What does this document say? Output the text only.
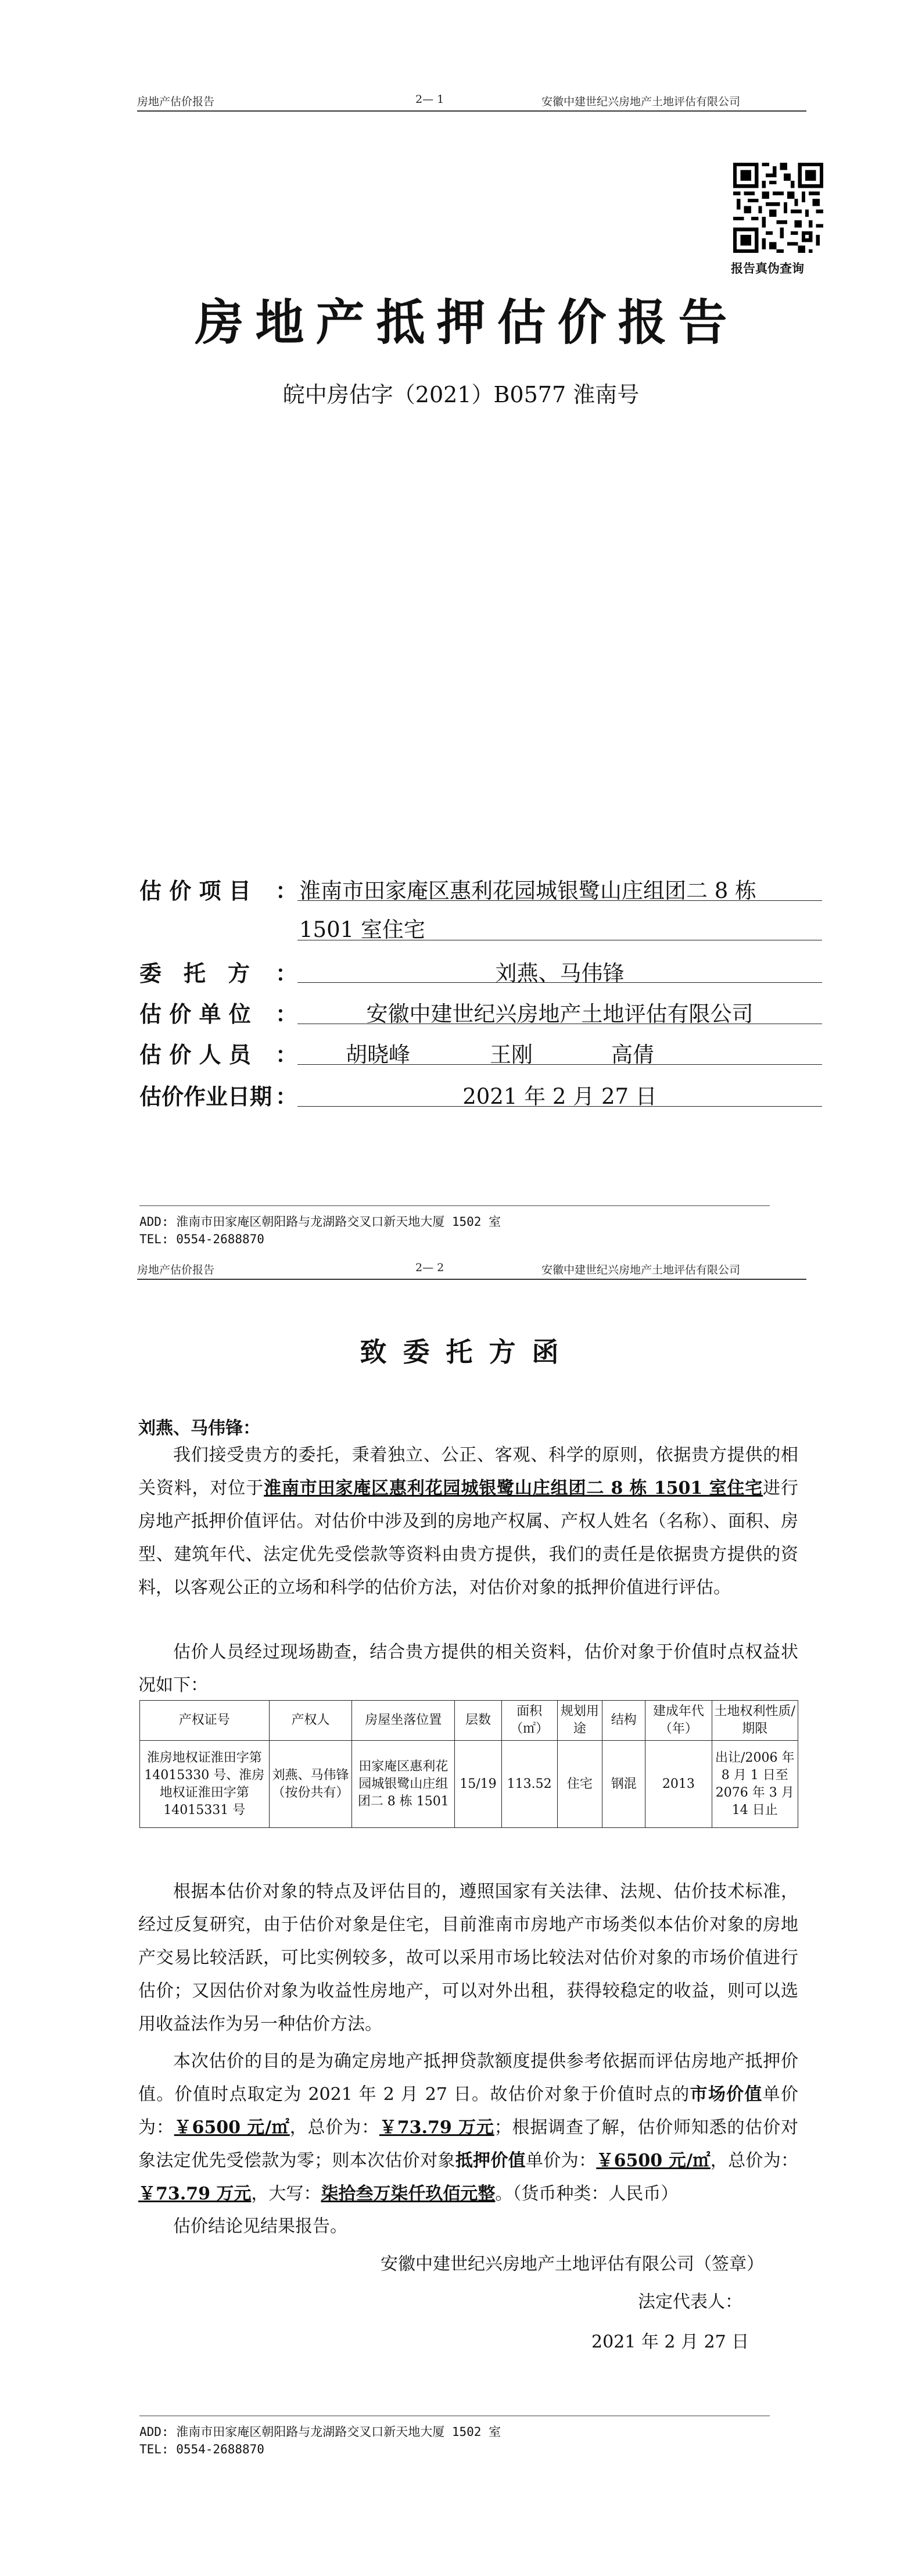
房地产估价报告	2— 1	安徽中建世纪兴房地产土地评估有限公司
报告真伪查询
房地产抵押估价报告
皖中房估字（2021）B0577 淮南号
估 价 项 目 ： 淮南市田家庵区惠利花园城银鹭山庄组团二 8 栋
1501 室住宅
委　托　方 ：	刘燕、马伟锋
估 价 单 位 ：	安徽中建世纪兴房地产土地评估有限公司
估 价 人 员 ： 胡晓峰	王刚	高倩
估价作业日期 ：	2021 年 2 月 27 日
ADD: 淮南市田家庵区朝阳路与龙湖路交叉口新天地大厦 1502 室
TEL: 0554-2688870
房地产估价报告	2— 2	安徽中建世纪兴房地产土地评估有限公司
致 委 托 方 函
刘燕、马伟锋：
我们接受贵方的委托，秉着独立、公正、客观、科学的原则，依据贵方提供的相关资料，对位于淮南市田家庵区惠利花园城银鹭山庄组团二 8 栋 1501 室住宅进行房地产抵押价值评估。对估价中涉及到的房地产权属、产权人姓名（名称）、面积、房型、建筑年代、法定优先受偿款等资料由贵方提供，我们的责任是依据贵方提供的资料，以客观公正的立场和科学的估价方法，对估价对象的抵押价值进行评估。
估价人员经过现场勘查，结合贵方提供的相关资料，估价对象于价值时点权益状况如下：
产权证号	产权人	房屋坐落位置	层数	面积（㎡）	规划用途	结构	建成年代（年）	土地权利性质/期限
淮房地权证淮田字第 14015330 号、淮房地权证淮田字第 14015331 号	刘燕、马伟锋（按份共有）	田家庵区惠利花园城银鹭山庄组团二 8 栋 1501	15/19	113.52	住宅	钢混	2013	出让/2006 年 8 月 1 日至 2076 年 3 月 14 日止
根据本估价对象的特点及评估目的，遵照国家有关法律、法规、估价技术标准，经过反复研究，由于估价对象是住宅，目前淮南市房地产市场类似本估价对象的房地产交易比较活跃，可比实例较多，故可以采用市场比较法对估价对象的市场价值进行估价；又因估价对象为收益性房地产，可以对外出租，获得较稳定的收益，则可以选用收益法作为另一种估价方法。
本次估价的目的是为确定房地产抵押贷款额度提供参考依据而评估房地产抵押价值。价值时点取定为 2021 年 2 月 27 日。故估价对象于价值时点的市场价值单价为：￥6500 元/㎡，总价为：￥73.79 万元；根据调查了解，估价师知悉的估价对象法定优先受偿款为零；则本次估价对象抵押价值单价为：￥6500 元/㎡，总价为：￥73.79 万元，大写：柒拾叁万柒仟玖佰元整。（货币种类：人民币）
估价结论见结果报告。
安徽中建世纪兴房地产土地评估有限公司（签章）
法定代表人：
2021 年 2 月 27 日
ADD: 淮南市田家庵区朝阳路与龙湖路交叉口新天地大厦 1502 室
TEL: 0554-2688870
